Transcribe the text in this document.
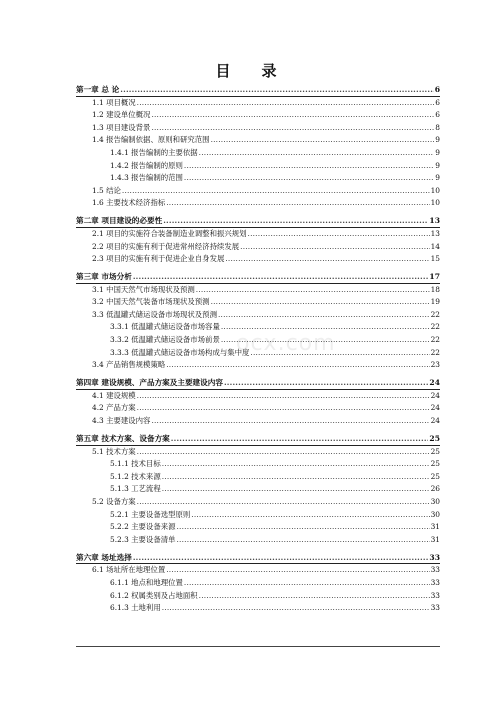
目　录
ocx.com
第一章 总 论 .....	6
1.1 项目概况 .....	6
1.2 建设单位概况 .....	6
1.3 项目建设背景 .....	8
1.4 报告编制依据、原则和研究范围 .....	9
1.4.1 报告编制的主要依据 .....	9
1.4.2 报告编制的原则 .....	9
1.4.3 报告编制的范围 .....	9
1.5 结论 .....	10
1.6 主要技术经济指标 .....	10
第二章 项目建设的必要性 .....	13
2.1 项目的实施符合装备制造业调整和振兴规划 .....	13
2.2 项目的实施有利于促进常州经济持续发展 .....	14
2.3 项目的实施有利于促进企业自身发展 .....	15
第三章 市场分析 .....	17
3.1 中国天然气市场现状及预测 .....	18
3.2 中国天然气装备市场现状及预测 .....	19
3.3 低温罐式储运设备市场现状及预测 .....	22
3.3.1 低温罐式储运设备市场容量 .....	22
3.3.2 低温罐式储运设备市场前景 .....	22
3.3.3 低温罐式储运设备市场构成与集中度 .....	22
3.4 产品销售规模策略 .....	23
第四章 建设规模、产品方案及主要建设内容 .....	24
4.1 建设规模 .....	24
4.2 产品方案 .....	24
4.3 主要建设内容 .....	24
第五章 技术方案、设备方案 .....	25
5.1 技术方案 .....	25
5.1.1 技术目标 .....	25
5.1.2 技术来源 .....	25
5.1.3 工艺流程 .....	26
5.2 设备方案 .....	30
5.2.1 主要设备选型原则 .....	30
5.2.2 主要设备来源 .....	31
5.2.3 主要设备清单 .....	31
第六章 场址选择 .....	33
6.1 场址所在地理位置 .....	33
6.1.1 地点和地理位置 .....	33
6.1.2 权属类别及占地面积 .....	33
6.1.3 土地利用 .....	33
